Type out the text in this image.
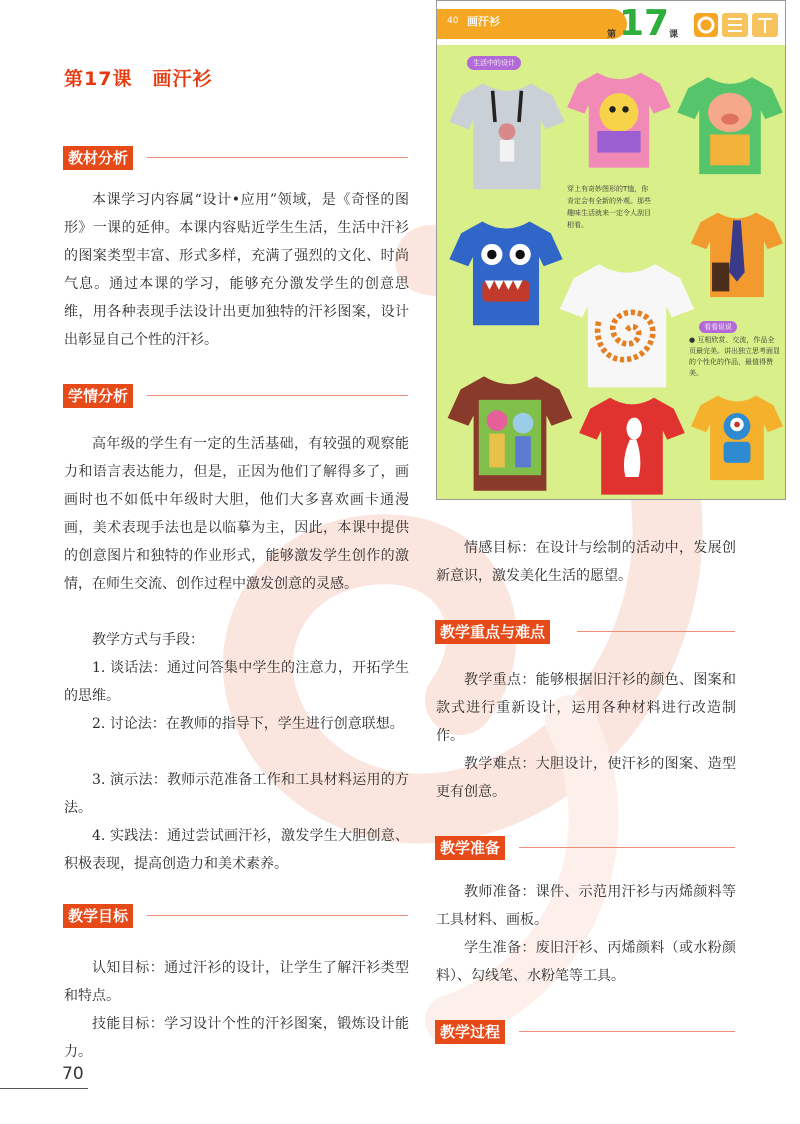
第17课　画汗衫
教材分析
本课学习内容属“设计•应用”领域，是《奇怪的图形》一课的延伸。本课内容贴近学生生活，生活中汗衫的图案类型丰富、形式多样，充满了强烈的文化、时尚气息。通过本课的学习，能够充分激发学生的创意思维，用各种表现手法设计出更加独特的汗衫图案，设计出彰显自己个性的汗衫。
学情分析
高年级的学生有一定的生活基础，有较强的观察能力和语言表达能力，但是，正因为他们了解得多了，画画时也不如低中年级时大胆，他们大多喜欢画卡通漫画，美术表现手法也是以临摹为主，因此，本课中提供的创意图片和独特的作业形式，能够激发学生创作的激情，在师生交流、创作过程中激发创意的灵感。
教学方式与手段：
1. 谈话法：通过问答集中学生的注意力，开拓学生的思维。
2. 讨论法：在教师的指导下，学生进行创意联想。
3. 演示法：教师示范准备工作和工具材料运用的方法。
4. 实践法：通过尝试画汗衫，激发学生大胆创意、积极表现，提高创造力和美术素养。
教学目标
认知目标：通过汗衫的设计，让学生了解汗衫类型和特点。
技能目标：学习设计个性的汗衫图案，锻炼设计能力。
70
40 画汗衫
第 17 课
生活中的设计
穿上有奇妙图形的T恤，你肯定会有全新的外观。那些趣味生活就来一定令人刮目相看。
看看说说
● 互相欣赏、交流，作品全页最完美。讲出独立思考面显的个性化的作品，最值得赞美。
情感目标：在设计与绘制的活动中，发展创新意识，激发美化生活的愿望。
教学重点与难点
教学重点：能够根据旧汗衫的颜色、图案和款式进行重新设计，运用各种材料进行改造制作。
教学难点：大胆设计，使汗衫的图案、造型更有创意。
教学准备
教师准备：课件、示范用汗衫与丙烯颜料等工具材料、画板。
学生准备：废旧汗衫、丙烯颜料（或水粉颜料）、勾线笔、水粉笔等工具。
教学过程
